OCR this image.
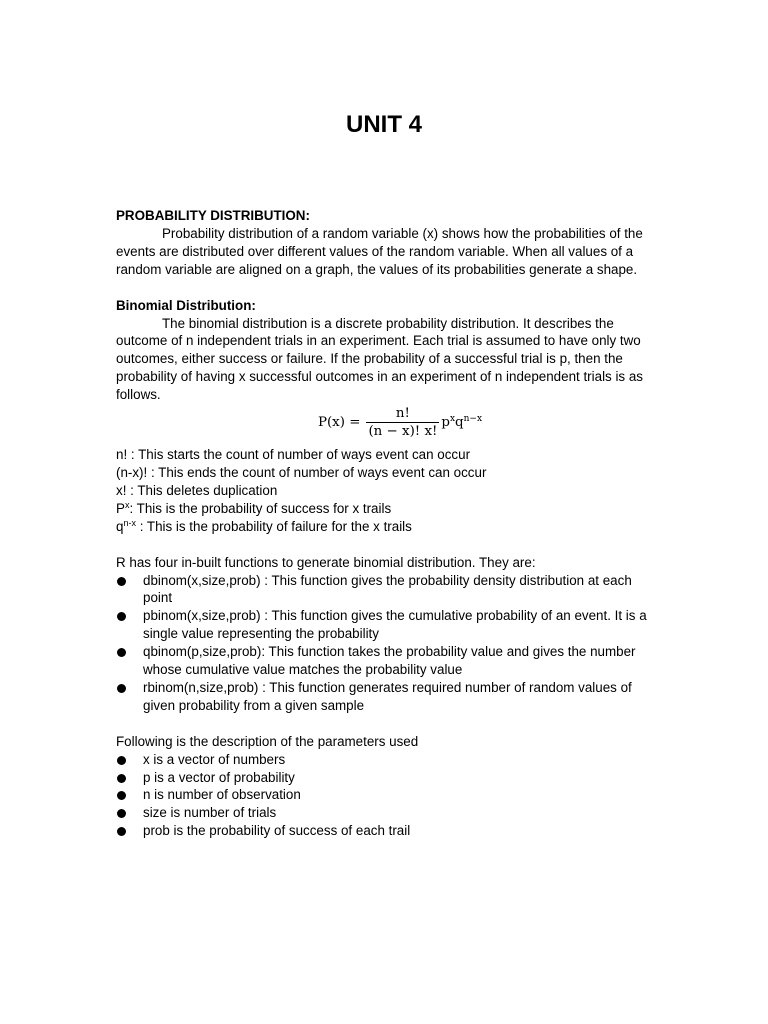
UNIT 4

PROBABILITY DISTRIBUTION:

Probability distribution of a random variable (x) shows how the probabilities of the events are distributed over different values of the random variable. When all values of a random variable are aligned on a graph, the values of its probabilities generate a shape.

Binomial Distribution:

The binomial distribution is a discrete probability distribution. It describes the outcome of n independent trials in an experiment. Each trial is assumed to have only two outcomes, either success or failure. If the probability of a successful trial is p, then the probability of having x successful outcomes in an experiment of n independent trials is as follows.

$P(x) = \frac{n!}{(n - x)! x!} p^xq^{n-x}$

n! : This starts the count of number of ways event can occur

(n-x)! : This ends the count of number of ways event can occur

x! : This deletes duplication

$P^x$: This is the probability of success for x trails

$q^{n-x}$ : This is the probability of failure for the x trails

R has four in-built functions to generate binomial distribution. They are:

dbinom(x,size,prob) : This function gives the probability density distribution at each point
pbinom(x,size,prob) : This function gives the cumulative probability of an event. It is a single value representing the probability
qbinom(p,size,prob): This function takes the probability value and gives the number whose cumulative value matches the probability value
rbinom(n,size,prob) : This function generates required number of random values of given probability from a given sample

Following is the description of the parameters used

x is a vector of numbers
p is a vector of probability
n is number of observation
size is number of trials
prob is the probability of success of each trail
